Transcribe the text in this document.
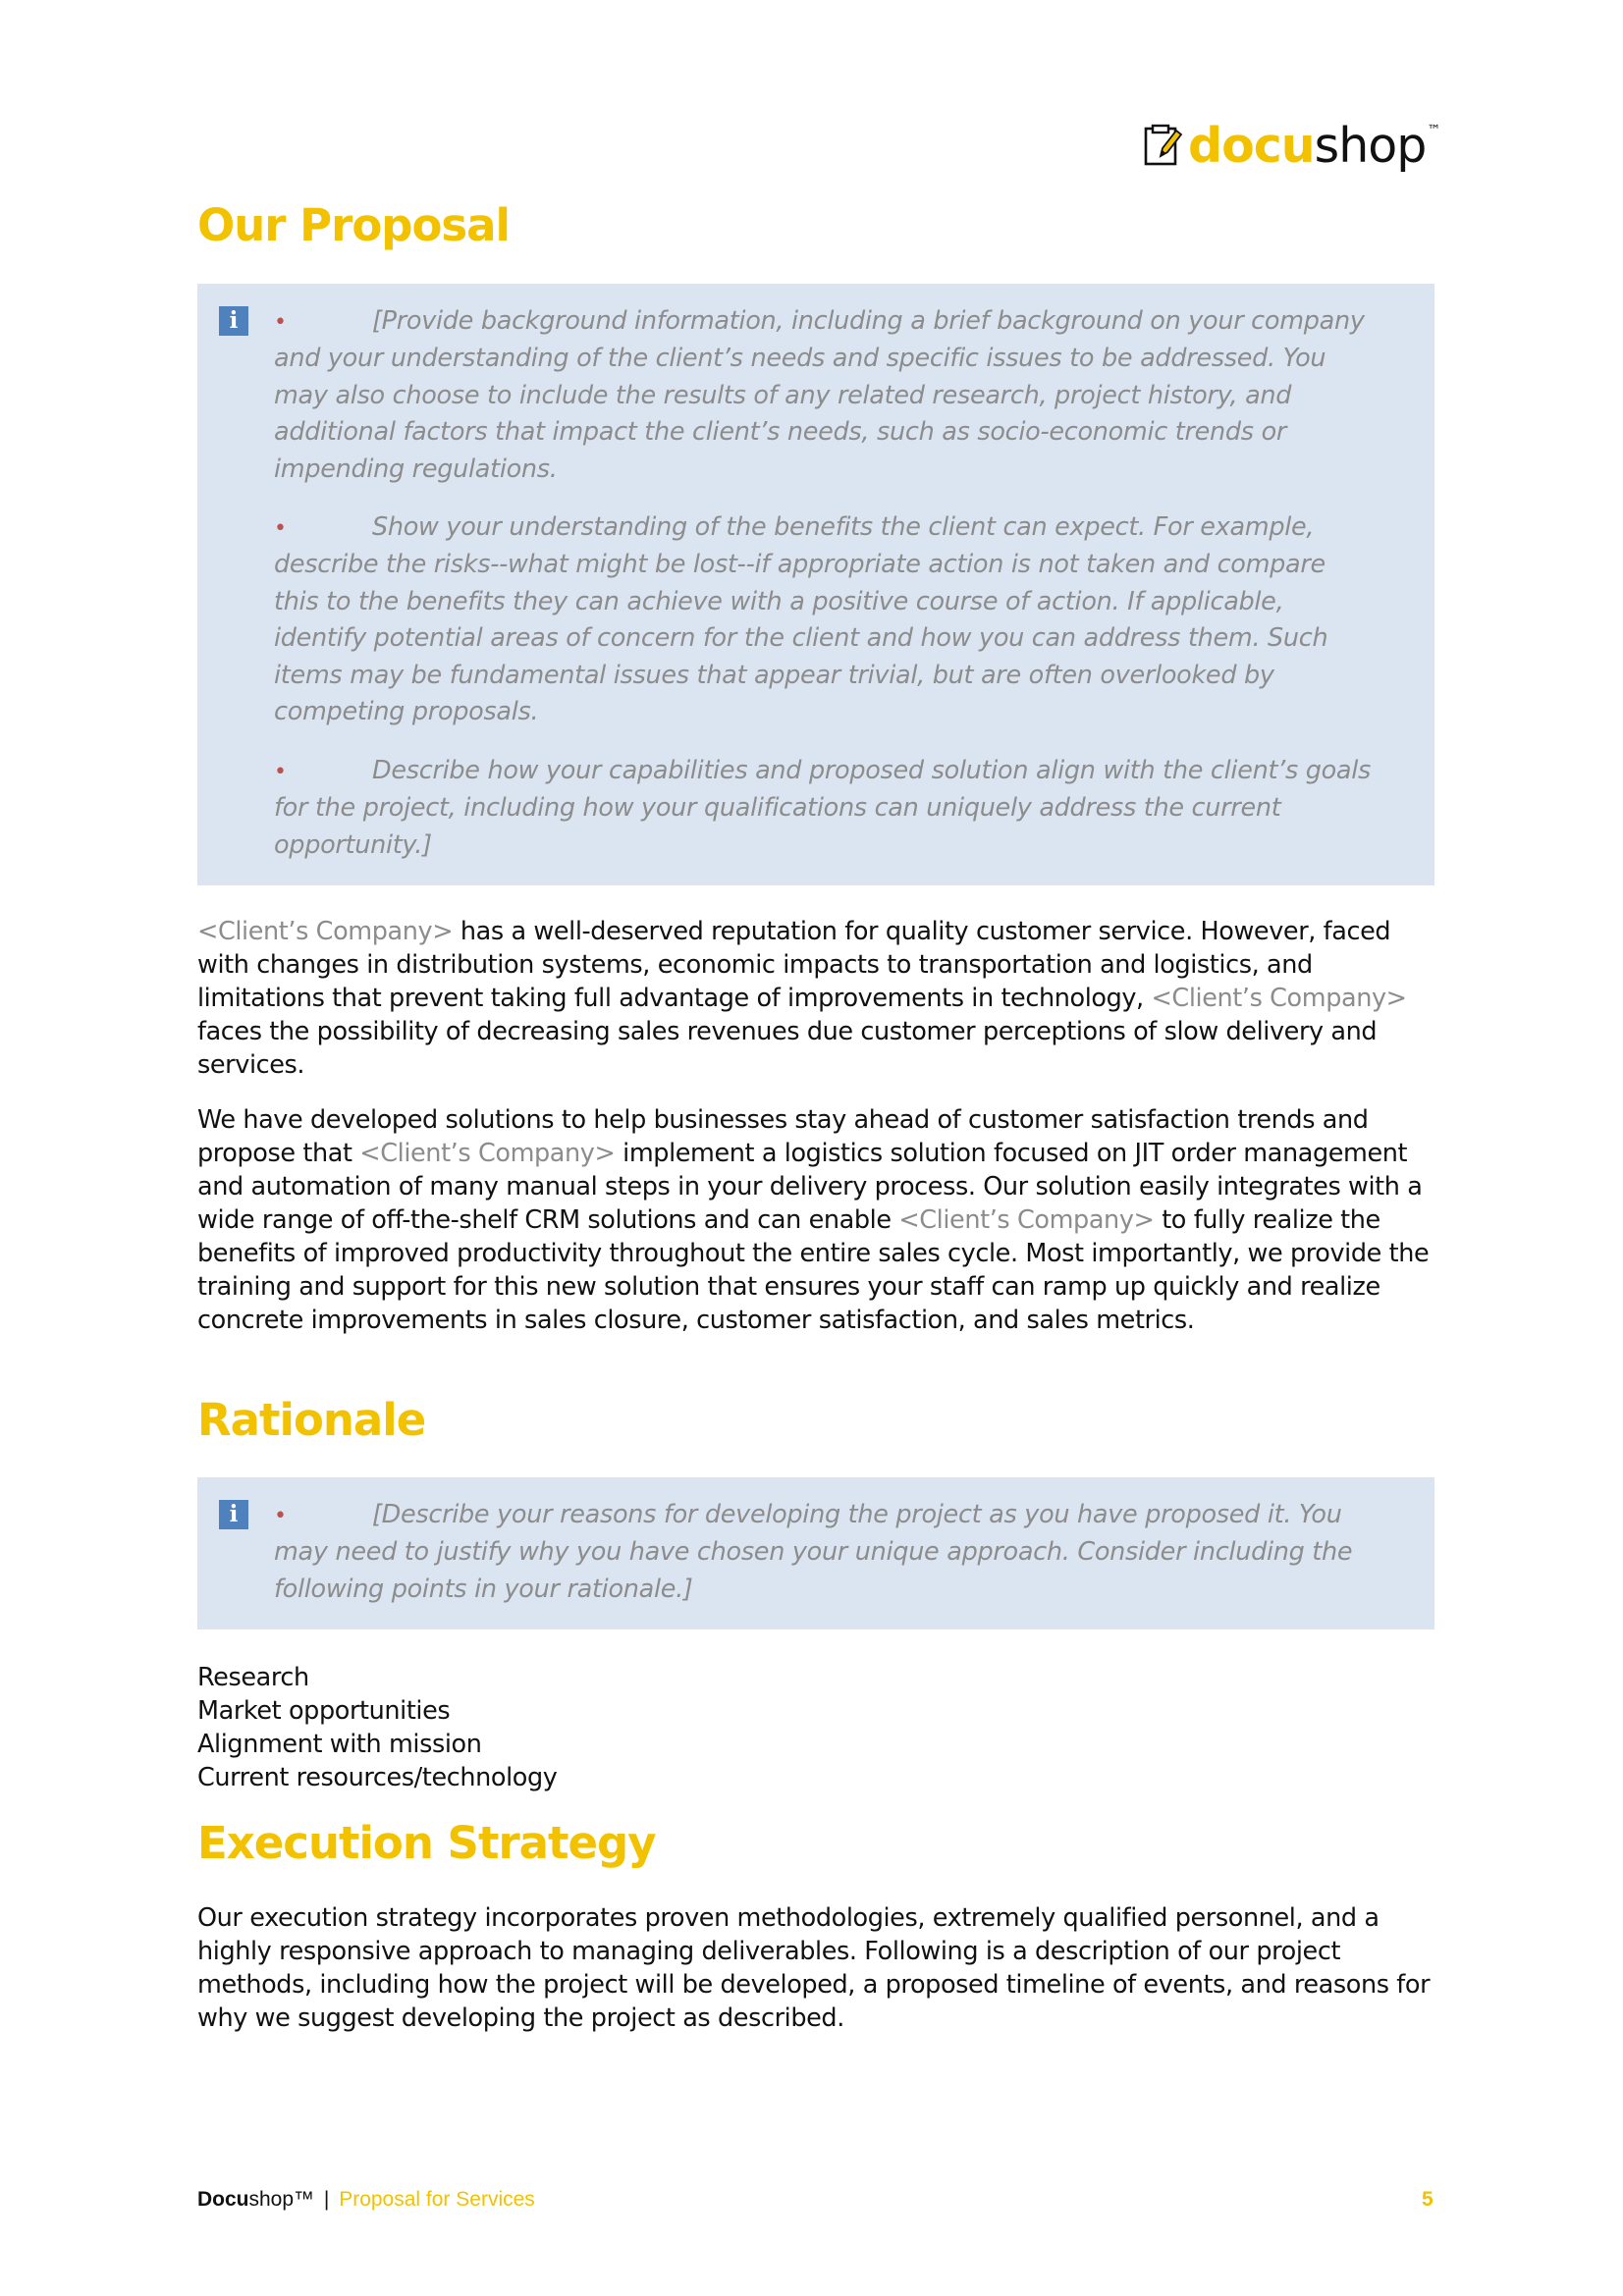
docushop™
Our Proposal
i	•	[Provide background information, including a brief background on your company and your understanding of the client’s needs and specific issues to be addressed. You may also choose to include the results of any related research, project history, and additional factors that impact the client’s needs, such as socio-economic trends or impending regulations.

•	Show your understanding of the benefits the client can expect. For example, describe the risks--what might be lost--if appropriate action is not taken and compare this to the benefits they can achieve with a positive course of action. If applicable, identify potential areas of concern for the client and how you can address them. Such items may be fundamental issues that appear trivial, but are often overlooked by competing proposals.

•	Describe how your capabilities and proposed solution align with the client’s goals for the project, including how your qualifications can uniquely address the current opportunity.]

<Client’s Company> has a well-deserved reputation for quality customer service. However, faced with changes in distribution systems, economic impacts to transportation and logistics, and limitations that prevent taking full advantage of improvements in technology, <Client’s Company> faces the possibility of decreasing sales revenues due customer perceptions of slow delivery and services.

We have developed solutions to help businesses stay ahead of customer satisfaction trends and propose that <Client’s Company> implement a logistics solution focused on JIT order management and automation of many manual steps in your delivery process. Our solution easily integrates with a wide range of off-the-shelf CRM solutions and can enable <Client’s Company> to fully realize the benefits of improved productivity throughout the entire sales cycle. Most importantly, we provide the training and support for this new solution that ensures your staff can ramp up quickly and realize concrete improvements in sales closure, customer satisfaction, and sales metrics.

Rationale
i	•	[Describe your reasons for developing the project as you have proposed it. You may need to justify why you have chosen your unique approach. Consider including the following points in your rationale.]

Research
Market opportunities
Alignment with mission
Current resources/technology
Execution Strategy

Our execution strategy incorporates proven methodologies, extremely qualified personnel, and a highly responsive approach to managing deliverables. Following is a description of our project methods, including how the project will be developed, a proposed timeline of events, and reasons for why we suggest developing the project as described.

Docushop™ | Proposal for Services	5
